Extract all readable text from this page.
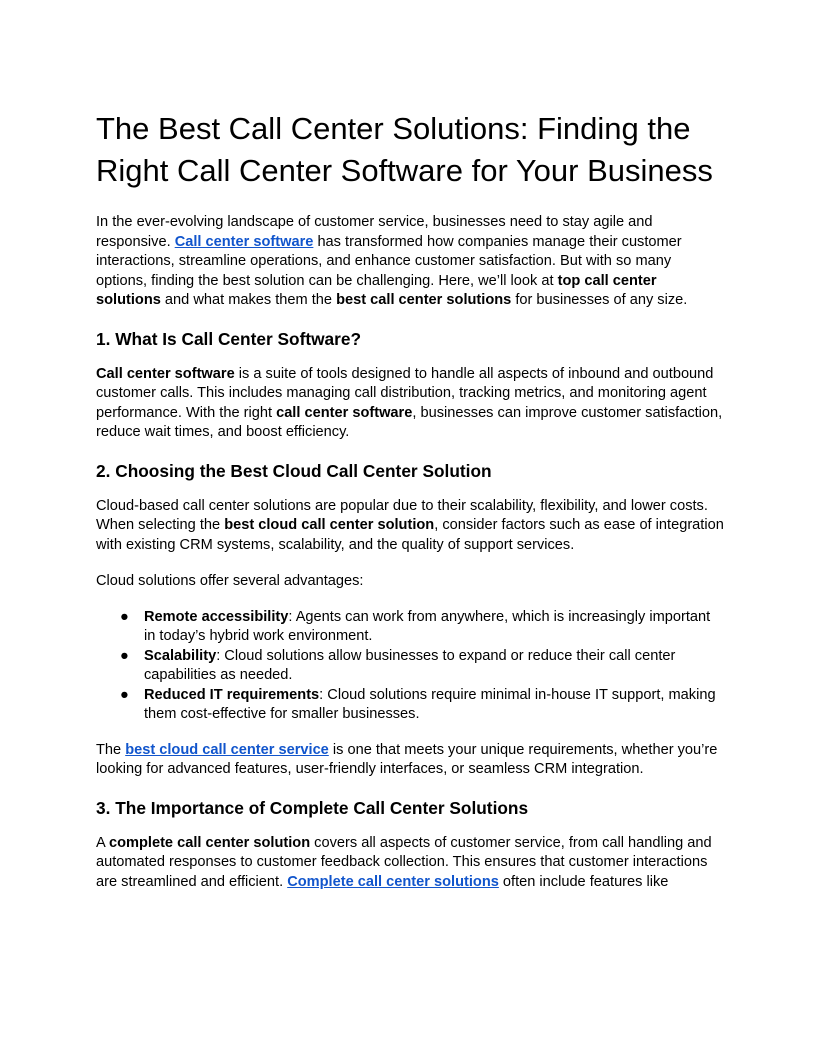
The Best Call Center Solutions: Finding the Right Call Center Software for Your Business

In the ever-evolving landscape of customer service, businesses need to stay agile and responsive. Call center software has transformed how companies manage their customer interactions, streamline operations, and enhance customer satisfaction. But with so many options, finding the best solution can be challenging. Here, we’ll look at top call center solutions and what makes them the best call center solutions for businesses of any size.

1. What Is Call Center Software?

Call center software is a suite of tools designed to handle all aspects of inbound and outbound customer calls. This includes managing call distribution, tracking metrics, and monitoring agent performance. With the right call center software, businesses can improve customer satisfaction, reduce wait times, and boost efficiency.

2. Choosing the Best Cloud Call Center Solution

Cloud-based call center solutions are popular due to their scalability, flexibility, and lower costs. When selecting the best cloud call center solution, consider factors such as ease of integration with existing CRM systems, scalability, and the quality of support services.

Cloud solutions offer several advantages:

● Remote accessibility: Agents can work from anywhere, which is increasingly important in today’s hybrid work environment.
● Scalability: Cloud solutions allow businesses to expand or reduce their call center capabilities as needed.
● Reduced IT requirements: Cloud solutions require minimal in-house IT support, making them cost-effective for smaller businesses.

The best cloud call center service is one that meets your unique requirements, whether you’re looking for advanced features, user-friendly interfaces, or seamless CRM integration.

3. The Importance of Complete Call Center Solutions

A complete call center solution covers all aspects of customer service, from call handling and automated responses to customer feedback collection. This ensures that customer interactions are streamlined and efficient. Complete call center solutions often include features like
